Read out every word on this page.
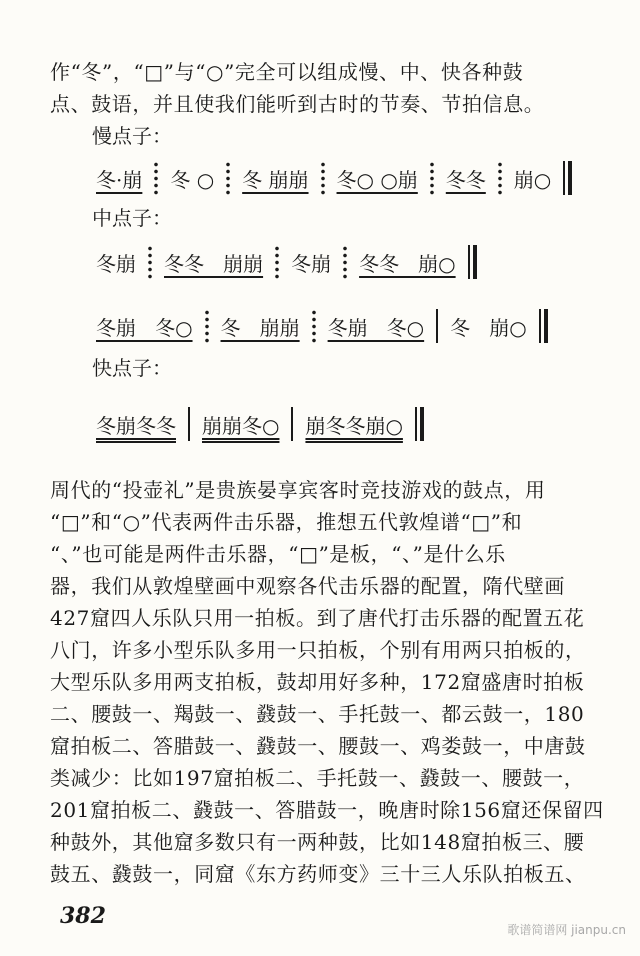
作“冬”，“□”与“○”完全可以组成慢、中、快各种鼓
点、鼓语，并且使我们能听到古时的节奏、节拍信息。
慢点子：
冬·崩	冬 ○	冬 崩崩	冬○ ○崩	冬冬	崩○
中点子：
冬崩	冬冬   崩崩	冬崩	冬冬   崩○
冬崩   冬○	冬   崩崩	冬崩   冬○	冬   崩○
快点子：
冬崩冬冬	崩崩冬○	崩冬冬崩○
周代的“投壶礼”是贵族晏享宾客时竞技游戏的鼓点，用
“□”和“○”代表两件击乐器，推想五代敦煌谱“□”和
“、”也可能是两件击乐器，“□”是板，“、”是什么乐
器，我们从敦煌壁画中观察各代击乐器的配置，隋代壁画
427窟四人乐队只用一拍板。到了唐代打击乐器的配置五花
八门，许多小型乐队多用一只拍板，个别有用两只拍板的，
大型乐队多用两支拍板，鼓却用好多种，172窟盛唐时拍板
二、腰鼓一、羯鼓一、鼗鼓一、手托鼓一、都云鼓一，180
窟拍板二、答腊鼓一、鼗鼓一、腰鼓一、鸡娄鼓一，中唐鼓
类减少：比如197窟拍板二、手托鼓一、鼗鼓一、腰鼓一，
201窟拍板二、鼗鼓一、答腊鼓一，晚唐时除156窟还保留四
种鼓外，其他窟多数只有一两种鼓，比如148窟拍板三、腰
鼓五、鼗鼓一，同窟《东方药师变》三十三人乐队拍板五、
382
歌谱简谱网 jianpu.cn
